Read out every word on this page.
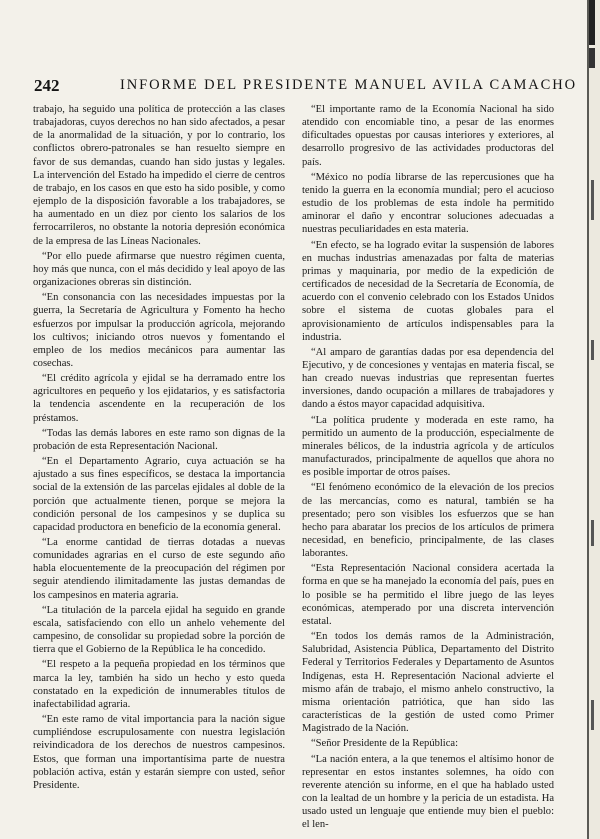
242	INFORME DEL PRESIDENTE MANUEL AVILA CAMACHO

trabajo, ha seguido una política de protección a las clases trabajadoras, cuyos derechos no han sido afectados, a pesar de la anormalidad de la situación, y por lo contrario, los conflictos obrero-patronales se han resuelto siempre en favor de sus demandas, cuando han sido justas y legales. La intervención del Estado ha impedido el cierre de centros de trabajo, en los casos en que esto ha sido posible, y como ejemplo de la disposición favorable a los trabajadores, se ha aumentado en un diez por ciento los salarios de los ferrocarrileros, no obstante la notoria depresión económica de la empresa de las Líneas Nacionales.

“Por ello puede afirmarse que nuestro régimen cuenta, hoy más que nunca, con el más decidido y leal apoyo de las organizaciones obreras sin distinción.

“En consonancia con las necesidades impuestas por la guerra, la Secretaría de Agricultura y Fomento ha hecho esfuerzos por impulsar la producción agrícola, mejorando los cultivos; iniciando otros nuevos y fomentando el empleo de los medios mecánicos para aumentar las cosechas.

“El crédito agrícola y ejidal se ha derramado entre los agricultores en pequeño y los ejidatarios, y es satisfactoria la tendencia ascendente en la recuperación de los préstamos.

“Todas las demás labores en este ramo son dignas de la probación de esta Representación Nacional.

“En el Departamento Agrario, cuya actuación se ha ajustado a sus fines específicos, se destaca la importancia social de la extensión de las parcelas ejidales al doble de la porción que actualmente tienen, porque se mejora la condición personal de los campesinos y se duplica su capacidad productora en beneficio de la economía general.

“La enorme cantidad de tierras dotadas a nuevas comunidades agrarias en el curso de este segundo año habla elocuentemente de la preocupación del régimen por seguir atendiendo ilimitadamente las justas demandas de los campesinos en materia agraria.

“La titulación de la parcela ejidal ha seguido en grande escala, satisfaciendo con ello un anhelo vehemente del campesino, de consolidar su propiedad sobre la porción de tierra que el Gobierno de la República le ha concedido.

“El respeto a la pequeña propiedad en los términos que marca la ley, también ha sido un hecho y esto queda constatado en la expedición de innumerables títulos de inafectabilidad agraria.

“En este ramo de vital importancia para la nación sigue cumpliéndose escrupulosamente con nuestra legislación reivindicadora de los derechos de nuestros campesinos. Estos, que forman una importantísima parte de nuestra población activa, están y estarán siempre con usted, señor Presidente.

“El importante ramo de la Economía Nacional ha sido atendido con encomiable tino, a pesar de las enormes dificultades opuestas por causas interiores y exteriores, al desarrollo progresivo de las actividades productoras del país.

“México no podía librarse de las repercusiones que ha tenido la guerra en la economía mundial; pero el acucioso estudio de los problemas de esta índole ha permitido aminorar el daño y encontrar soluciones adecuadas a nuestras peculiaridades en esta materia.

“En efecto, se ha logrado evitar la suspensión de labores en muchas industrias amenazadas por falta de materias primas y maquinaria, por medio de la expedición de certificados de necesidad de la Secretaría de Economía, de acuerdo con el convenio celebrado con los Estados Unidos sobre el sistema de cuotas globales para el aprovisionamiento de artículos indispensables para la industria.

“Al amparo de garantías dadas por esa dependencia del Ejecutivo, y de concesiones y ventajas en materia fiscal, se han creado nuevas industrias que representan fuertes inversiones, dando ocupación a millares de trabajadores y dando a éstos mayor capacidad adquisitiva.

“La política prudente y moderada en este ramo, ha permitido un aumento de la producción, especialmente de minerales bélicos, de la industria agrícola y de artículos manufacturados, principalmente de aquellos que ahora no es posible importar de otros países.

“El fenómeno económico de la elevación de los precios de las mercancías, como es natural, también se ha presentado; pero son visibles los esfuerzos que se han hecho para abaratar los precios de los artículos de primera necesidad, en beneficio, principalmente, de las clases laborantes.

“Esta Representación Nacional considera acertada la forma en que se ha manejado la economía del país, pues en lo posible se ha permitido el libre juego de las leyes económicas, atemperado por una discreta intervención estatal.

“En todos los demás ramos de la Administración, Salubridad, Asistencia Pública, Departamento del Distrito Federal y Territorios Federales y Departamento de Asuntos Indígenas, esta H. Representación Nacional advierte el mismo afán de trabajo, el mismo anhelo constructivo, la misma orientación patriótica, que han sido las características de la gestión de usted como Primer Magistrado de la Nación.

“Señor Presidente de la República:

“La nación entera, a la que tenemos el altísimo honor de representar en estos instantes solemnes, ha oído con reverente atención su informe, en el que ha hablado usted con la lealtad de un hombre y la pericia de un estadista. Ha usado usted un lenguaje que entiende muy bien el pueblo: el len-
